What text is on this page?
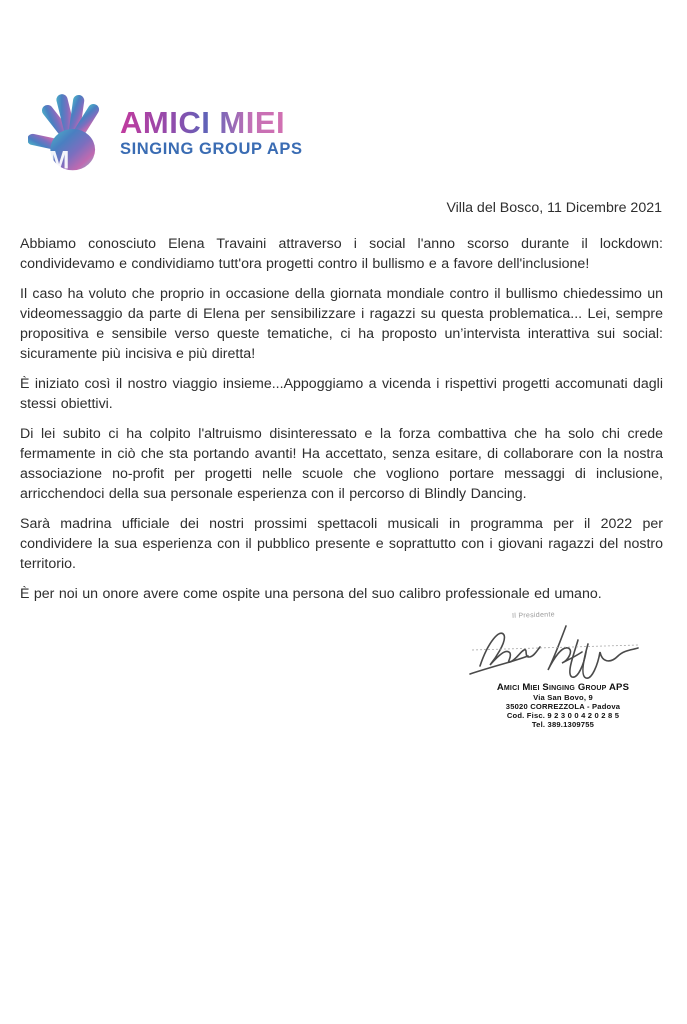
AM
AMICI MIEI
SINGING GROUP APS
Villa del Bosco, 11 Dicembre 2021

Abbiamo conosciuto Elena Travaini attraverso i social l'anno scorso durante il lockdown: condividevamo e condividiamo tutt'ora progetti contro il bullismo e a favore dell'inclusione!

Il caso ha voluto che proprio in occasione della giornata mondiale contro il bullismo chiedessimo un videomessaggio da parte di Elena per sensibilizzare i ragazzi su questa problematica... Lei, sempre propositiva e sensibile verso queste tematiche, ci ha proposto un’intervista interattiva sui social: sicuramente più incisiva e più diretta!

È iniziato così il nostro viaggio insieme...Appoggiamo a vicenda i rispettivi progetti accomunati dagli stessi obiettivi.

Di lei subito ci ha colpito l'altruismo disinteressato e la forza combattiva che ha solo chi crede fermamente in ciò che sta portando avanti! Ha accettato, senza esitare, di collaborare con la nostra associazione no-profit per progetti nelle scuole che vogliono portare messaggi di inclusione, arricchendoci della sua personale esperienza con il percorso di Blindly Dancing.

Sarà madrina ufficiale dei nostri prossimi spettacoli musicali in programma per il 2022 per condividere la sua esperienza con il pubblico presente e soprattutto con i giovani ragazzi del nostro territorio.

È per noi un onore avere come ospite una persona del suo calibro professionale ed umano.

Il Presidente
Amici Miei Singing Group APS
Via San Bovo, 9
35020 CORREZZOLA - Padova
Cod. Fisc. 9 2 3 0 0 4 2 0 2 8 5
Tel. 389.1309755
